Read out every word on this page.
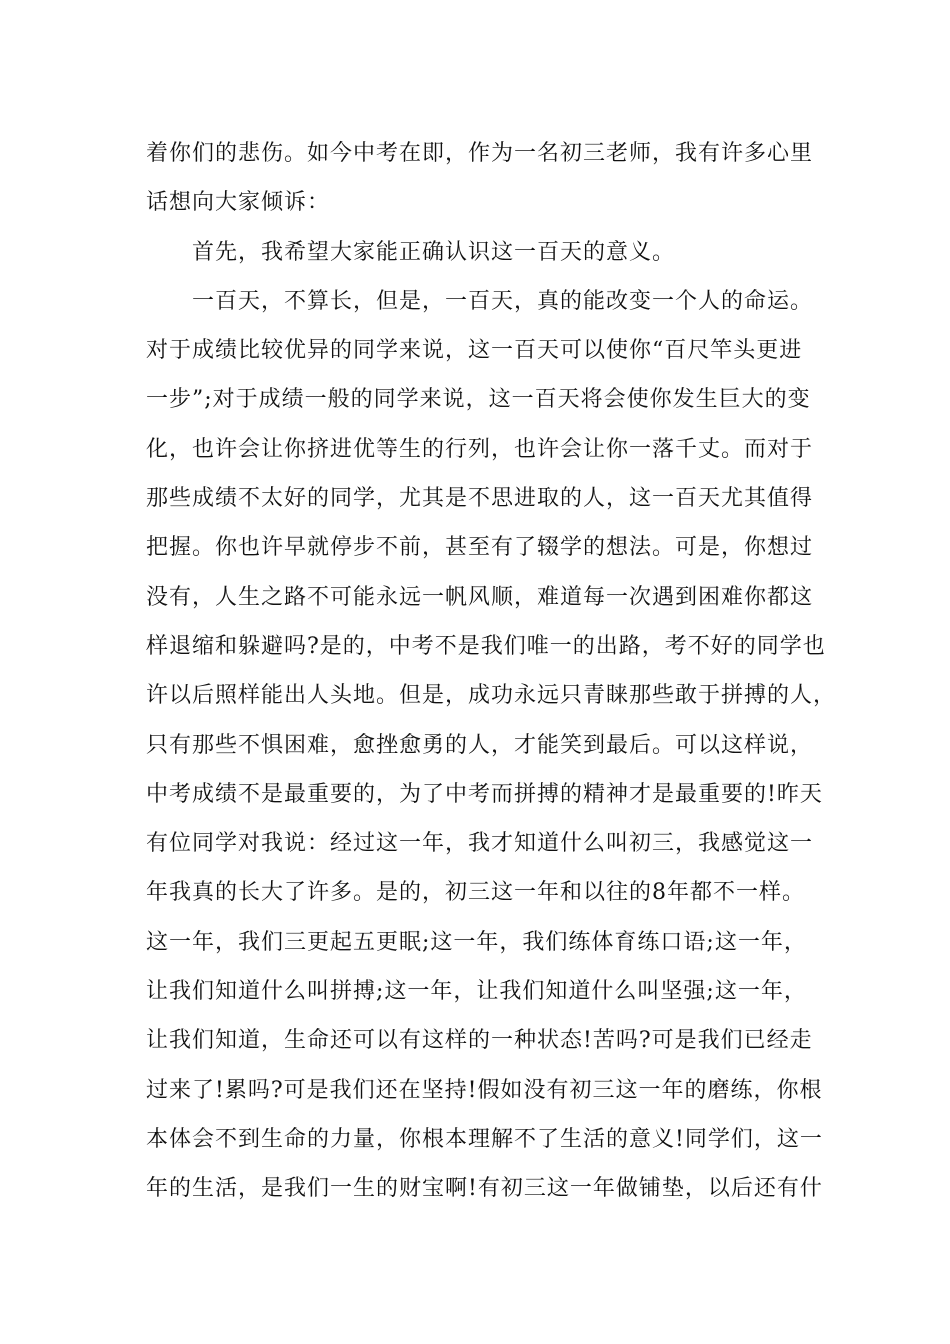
着你们的悲伤。如今中考在即，作为一名初三老师，我有许多心里
话想向大家倾诉：
首先，我希望大家能正确认识这一百天的意义。
一百天，不算长，但是，一百天，真的能改变一个人的命运。
对于成绩比较优异的同学来说，这一百天可以使你“百尺竿头更进
一步”;对于成绩一般的同学来说，这一百天将会使你发生巨大的变
化，也许会让你挤进优等生的行列，也许会让你一落千丈。而对于
那些成绩不太好的同学，尤其是不思进取的人，这一百天尤其值得
把握。你也许早就停步不前，甚至有了辍学的想法。可是，你想过
没有，人生之路不可能永远一帆风顺，难道每一次遇到困难你都这
样退缩和躲避吗?是的，中考不是我们唯一的出路，考不好的同学也
许以后照样能出人头地。但是，成功永远只青睐那些敢于拼搏的人，
只有那些不惧困难，愈挫愈勇的人，才能笑到最后。可以这样说，
中考成绩不是最重要的，为了中考而拼搏的精神才是最重要的!昨天
有位同学对我说：经过这一年，我才知道什么叫初三，我感觉这一
年我真的长大了许多。是的，初三这一年和以往的8年都不一样。
这一年，我们三更起五更眠;这一年，我们练体育练口语;这一年，
让我们知道什么叫拼搏;这一年，让我们知道什么叫坚强;这一年，
让我们知道，生命还可以有这样的一种状态!苦吗?可是我们已经走
过来了!累吗?可是我们还在坚持!假如没有初三这一年的磨练，你根
本体会不到生命的力量，你根本理解不了生活的意义!同学们，这一
年的生活，是我们一生的财宝啊!有初三这一年做铺垫，以后还有什
